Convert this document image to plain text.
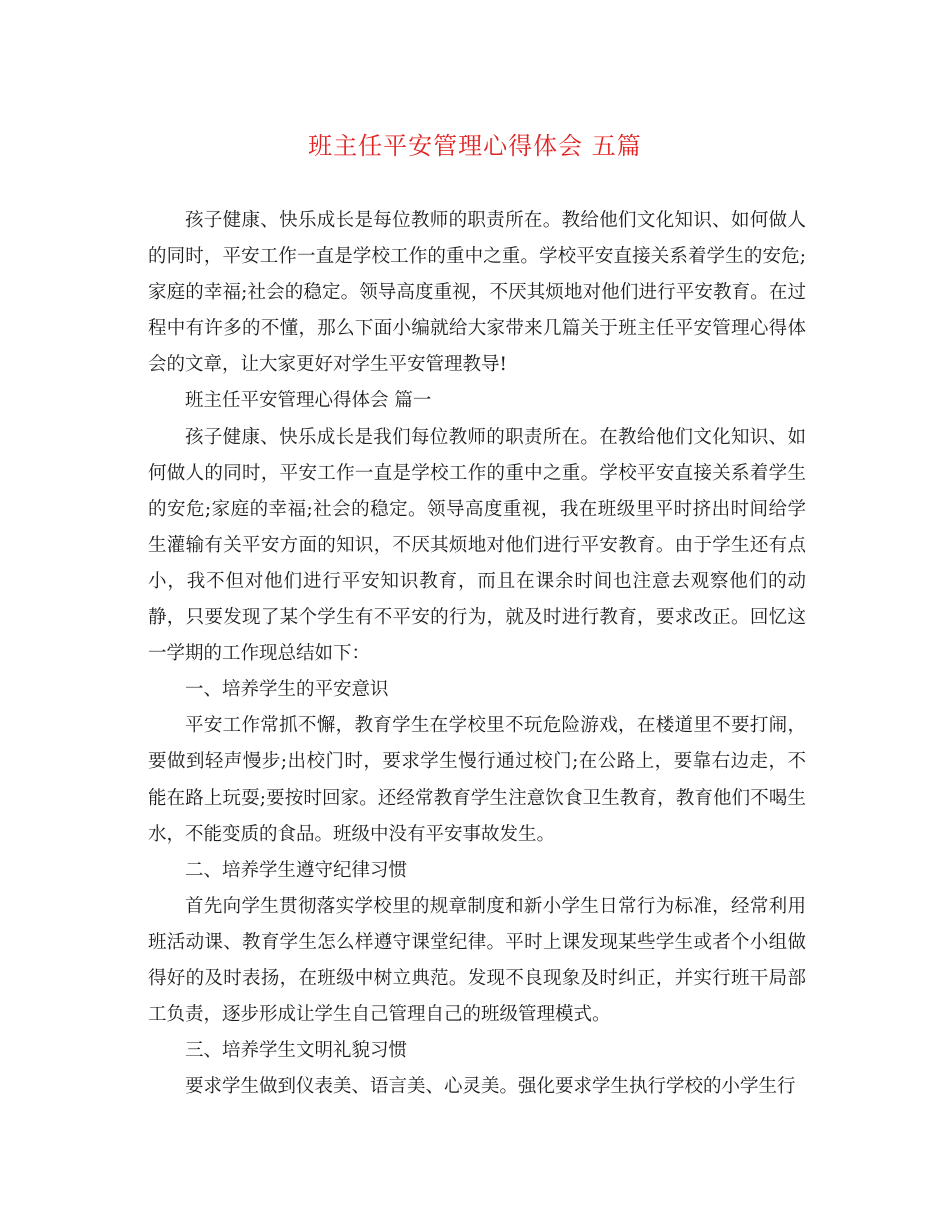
班主任平安管理心得体会 五篇

孩子健康、快乐成长是每位教师的职责所在。教给他们文化知识、如何做人的同时，平安工作一直是学校工作的重中之重。学校平安直接关系着学生的安危;家庭的幸福;社会的稳定。领导高度重视，不厌其烦地对他们进行平安教育。在过程中有许多的不懂，那么下面小编就给大家带来几篇关于班主任平安管理心得体会的文章，让大家更好对学生平安管理教导!

班主任平安管理心得体会 篇一

孩子健康、快乐成长是我们每位教师的职责所在。在教给他们文化知识、如何做人的同时，平安工作一直是学校工作的重中之重。学校平安直接关系着学生的安危;家庭的幸福;社会的稳定。领导高度重视，我在班级里平时挤出时间给学生灌输有关平安方面的知识，不厌其烦地对他们进行平安教育。由于学生还有点小，我不但对他们进行平安知识教育，而且在课余时间也注意去观察他们的动静，只要发现了某个学生有不平安的行为，就及时进行教育，要求改正。回忆这一学期的工作现总结如下：

一、培养学生的平安意识

平安工作常抓不懈，教育学生在学校里不玩危险游戏，在楼道里不要打闹，要做到轻声慢步;出校门时，要求学生慢行通过校门;在公路上，要靠右边走，不能在路上玩耍;要按时回家。还经常教育学生注意饮食卫生教育，教育他们不喝生水，不能变质的食品。班级中没有平安事故发生。

二、培养学生遵守纪律习惯

首先向学生贯彻落实学校里的规章制度和新小学生日常行为标准，经常利用班活动课、教育学生怎么样遵守课堂纪律。平时上课发现某些学生或者个小组做得好的及时表扬，在班级中树立典范。发现不良现象及时纠正，并实行班干局部工负责，逐步形成让学生自己管理自己的班级管理模式。

三、培养学生文明礼貌习惯

要求学生做到仪表美、语言美、心灵美。强化要求学生执行学校的小学生行
